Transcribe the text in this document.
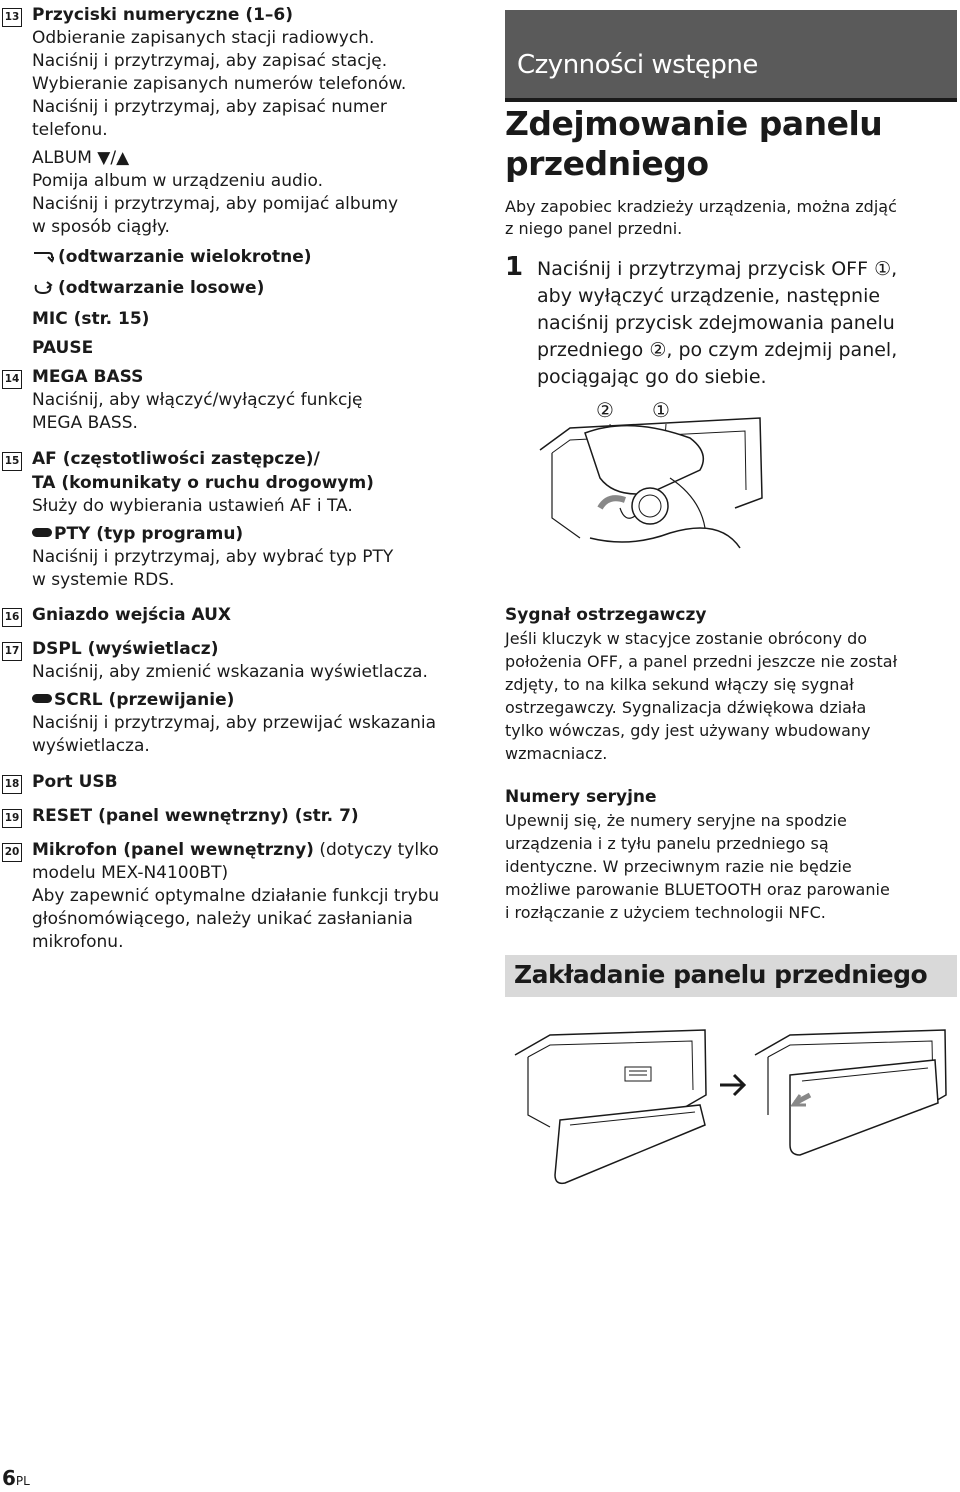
13 Przyciski numeryczne (1–6)
Odbieranie zapisanych stacji radiowych.
Naciśnij i przytrzymaj, aby zapisać stację.
Wybieranie zapisanych numerów telefonów.
Naciśnij i przytrzymaj, aby zapisać numer
telefonu.
ALBUM ▼/▲
Pomija album w urządzeniu audio.
Naciśnij i przytrzymaj, aby pomijać albumy
w sposób ciągły.
(odtwarzanie wielokrotne)
(odtwarzanie losowe)
MIC (str. 15)
PAUSE
14 MEGA BASS
Naciśnij, aby włączyć/wyłączyć funkcję
MEGA BASS.
15 AF (częstotliwości zastępcze)/
TA (komunikaty o ruchu drogowym)
Służy do wybierania ustawień AF i TA.
PTY (typ programu)
Naciśnij i przytrzymaj, aby wybrać typ PTY
w systemie RDS.
16 Gniazdo wejścia AUX
17 DSPL (wyświetlacz)
Naciśnij, aby zmienić wskazania wyświetlacza.
SCRL (przewijanie)
Naciśnij i przytrzymaj, aby przewijać wskazania
wyświetlacza.
18 Port USB
19 RESET (panel wewnętrzny) (str. 7)
20 Mikrofon (panel wewnętrzny) (dotyczy tylko
modelu MEX-N4100BT)
Aby zapewnić optymalne działanie funkcji trybu
głośnomówiącego, należy unikać zasłaniania
mikrofonu.
Czynności wstępne
Zdejmowanie panelu
przedniego
Aby zapobiec kradzieży urządzenia, można zdjąć
z niego panel przedni.
1 Naciśnij i przytrzymaj przycisk OFF ①,
aby wyłączyć urządzenie, następnie
naciśnij przycisk zdejmowania panelu
przedniego ②, po czym zdejmij panel,
pociągając go do siebie.
② ①
Sygnał ostrzegawczy
Jeśli kluczyk w stacyjce zostanie obrócony do
położenia OFF, a panel przedni jeszcze nie został
zdjęty, to na kilka sekund włączy się sygnał
ostrzegawczy. Sygnalizacja dźwiękowa działa
tylko wówczas, gdy jest używany wbudowany
wzmacniacz.
Numery seryjne
Upewnij się, że numery seryjne na spodzie
urządzenia i z tyłu panelu przedniego są
identyczne. W przeciwnym razie nie będzie
możliwe parowanie BLUETOOTH oraz parowanie
i rozłączanie z użyciem technologii NFC.
Zakładanie panelu przedniego
6PL
